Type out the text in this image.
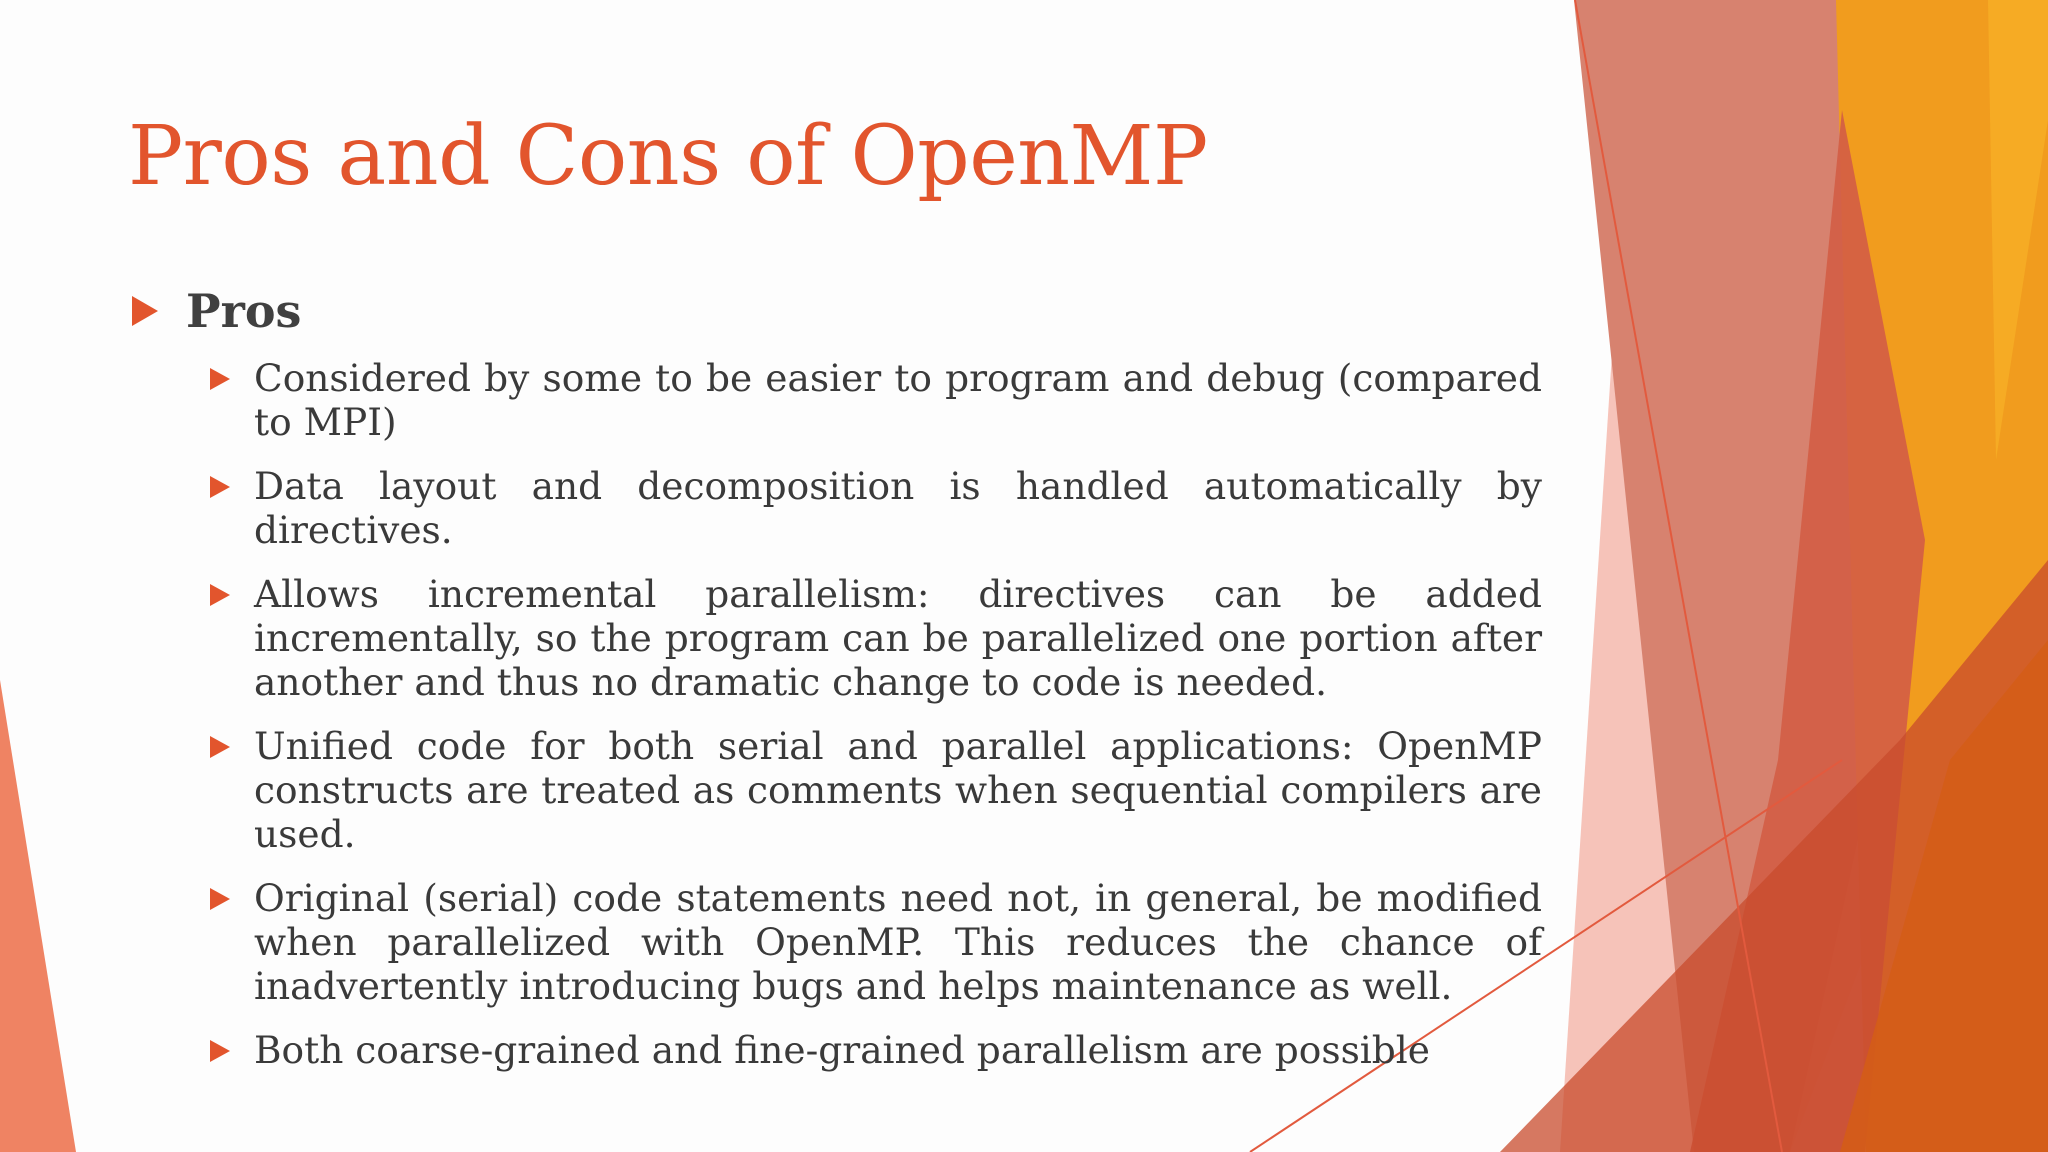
Pros and Cons of OpenMP
Pros
Considered by some to be easier to program and debug (compared to MPI)
Data layout and decomposition is handled automatically by directives.
Allows incremental parallelism: directives can be added incrementally, so the program can be parallelized one portion after another and thus no dramatic change to code is needed.
Unified code for both serial and parallel applications: OpenMP constructs are treated as comments when sequential compilers are used.
Original (serial) code statements need not, in general, be modified when parallelized with OpenMP. This reduces the chance of inadvertently introducing bugs and helps maintenance as well.
Both coarse-grained and fine-grained parallelism are possible
